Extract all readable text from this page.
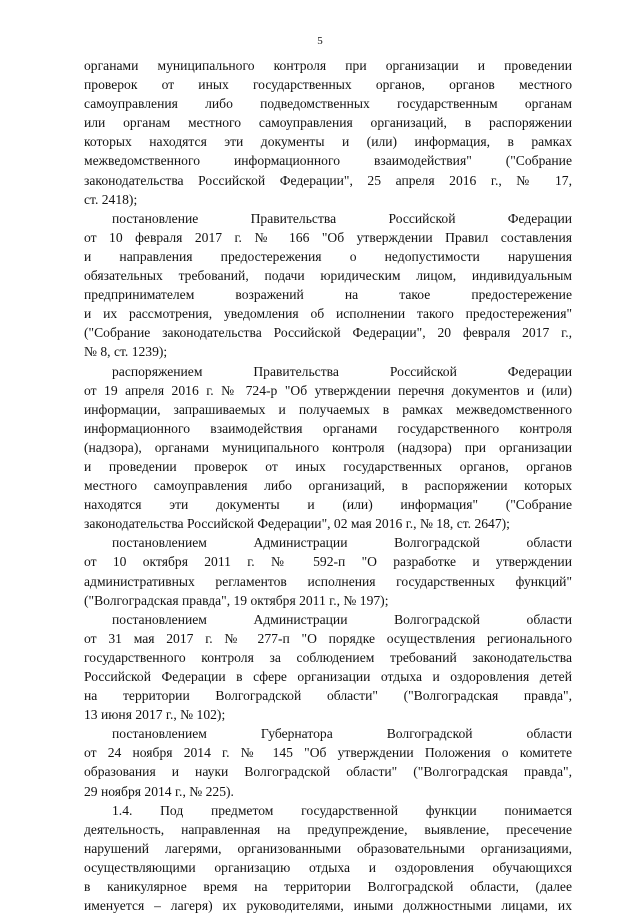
5
органами муниципального контроля при организации и проведении
проверок от иных государственных органов, органов местного
самоуправления либо подведомственных государственным органам
или органам местного самоуправления организаций, в распоряжении
которых находятся эти документы и (или) информация, в рамках
межведомственного информационного взаимодействия" ("Собрание
законодательства Российской Федерации", 25 апреля 2016 г., № 17,
ст. 2418);
постановление Правительства Российской Федерации
от 10 февраля 2017 г. № 166 "Об утверждении Правил составления
и направления предостережения о недопустимости нарушения
обязательных требований, подачи юридическим лицом, индивидуальным
предпринимателем возражений на такое предостережение
и их рассмотрения, уведомления об исполнении такого предостережения"
("Собрание законодательства Российской Федерации", 20 февраля 2017 г.,
№ 8, ст. 1239);
распоряжением Правительства Российской Федерации
от 19 апреля 2016 г. № 724-р "Об утверждении перечня документов и (или)
информации, запрашиваемых и получаемых в рамках межведомственного
информационного взаимодействия органами государственного контроля
(надзора), органами муниципального контроля (надзора) при организации
и проведении проверок от иных государственных органов, органов
местного самоуправления либо организаций, в распоряжении которых
находятся эти документы и (или) информация" ("Собрание
законодательства Российской Федерации", 02 мая 2016 г., № 18, ст. 2647);
постановлением Администрации Волгоградской области
от 10 октября 2011 г. № 592-п "О разработке и утверждении
административных регламентов исполнения государственных функций"
("Волгоградская правда", 19 октября 2011 г., № 197);
постановлением Администрации Волгоградской области
от 31 мая 2017 г. № 277-п "О порядке осуществления регионального
государственного контроля за соблюдением требований законодательства
Российской Федерации в сфере организации отдыха и оздоровления детей
на территории Волгоградской области" ("Волгоградская правда",
13 июня 2017 г., № 102);
постановлением Губернатора Волгоградской области
от 24 ноября 2014 г. № 145 "Об утверждении Положения о комитете
образования и науки Волгоградской области" ("Волгоградская правда",
29 ноября 2014 г., № 225).
1.4. Под предметом государственной функции понимается
деятельность, направленная на предупреждение, выявление, пресечение
нарушений лагерями, организованными образовательными организациями,
осуществляющими организацию отдыха и оздоровления обучающихся
в каникулярное время на территории Волгоградской области, (далее
именуется – лагеря) их руководителями, иными должностными лицами, их
